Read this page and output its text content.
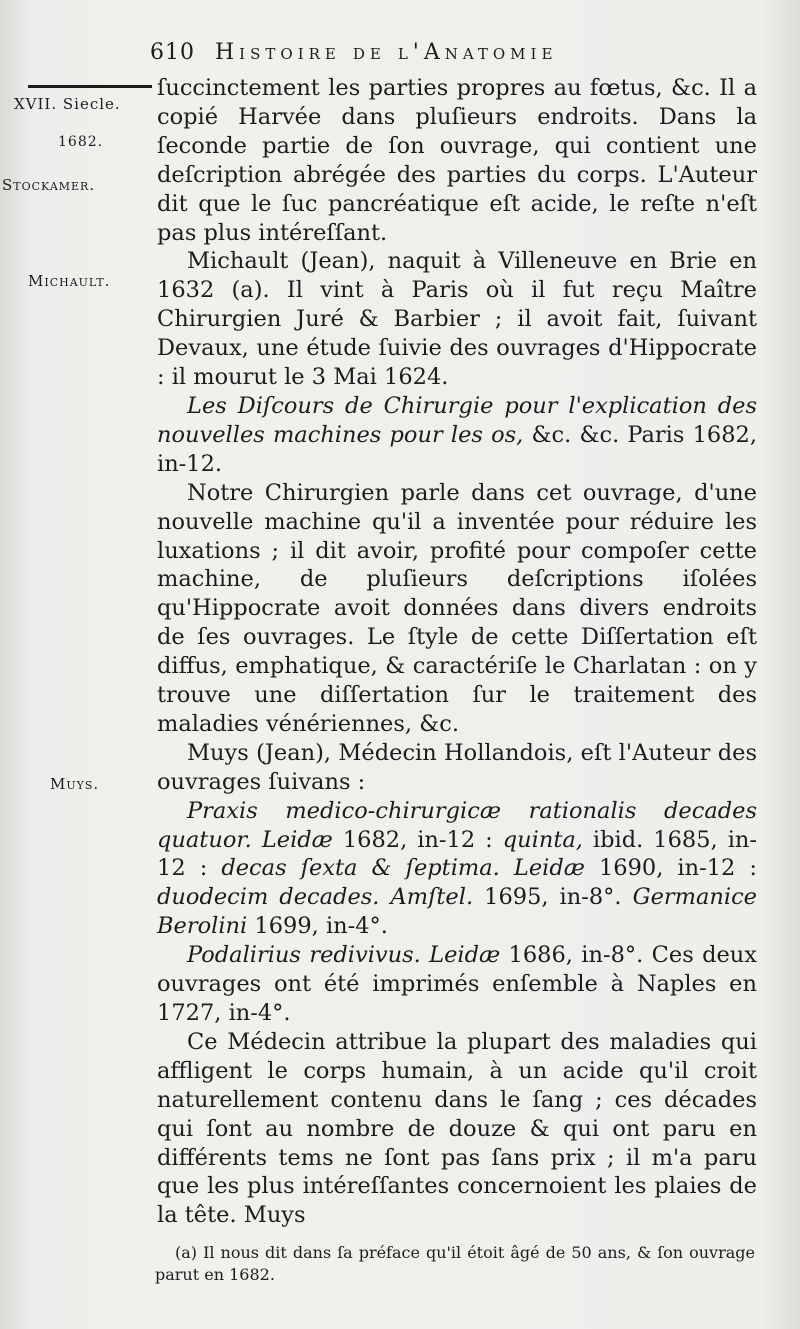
610 Histoire de l'Anatomie
XVII. Siecle.
1682.
Stockamer.
Michault.
Muys.

ſuccinctement les parties propres au fœtus, &c. Il a copié Harvée dans pluſieurs endroits. Dans la ſeconde partie de ſon ouvrage, qui contient une deſcription abrégée des parties du corps. L'Auteur dit que le ſuc pancréatique eſt acide, le reſte n'eſt pas plus intéreſſant.

Michault (Jean), naquit à Villeneuve en Brie en 1632 (a). Il vint à Paris où il fut reçu Maître Chirurgien Juré & Barbier ; il avoit fait, ſuivant Devaux, une étude ſuivie des ouvrages d'Hippocrate : il mourut le 3 Mai 1624.

Les Diſcours de Chirurgie pour l'explication des nouvelles machines pour les os, &c. &c. Paris 1682, in-12.

Notre Chirurgien parle dans cet ouvrage, d'une nouvelle machine qu'il a inventée pour réduire les luxations ; il dit avoir, profité pour compoſer cette machine, de pluſieurs deſcriptions iſolées qu'Hippocrate avoit données dans divers endroits de ſes ouvrages. Le ſtyle de cette Diſſertation eſt diffus, emphatique, & caractériſe le Charlatan : on y trouve une diſſertation ſur le traitement des maladies vénériennes, &c.

Muys (Jean), Médecin Hollandois, eſt l'Auteur des ouvrages ſuivans :

Praxis medico-chirurgicæ rationalis decades quatuor. Leidæ 1682, in-12 : quinta, ibid. 1685, in-12 : decas ſexta & ſeptima. Leidæ 1690, in-12 : duodecim decades. Amſtel. 1695, in-8°. Germanice Berolini 1699, in-4°.

Podalirius redivivus. Leidæ 1686, in-8°. Ces deux ouvrages ont été imprimés enſemble à Naples en 1727, in-4°.

Ce Médecin attribue la plupart des maladies qui affligent le corps humain, à un acide qu'il croit naturellement contenu dans le ſang ; ces décades qui ſont au nombre de douze & qui ont paru en différents tems ne ſont pas ſans prix ; il m'a paru que les plus intéreſſantes concernoient les plaies de la tête. Muys

(a) Il nous dit dans ſa préface qu'il étoit âgé de 50 ans, & ſon ouvrage parut en 1682.
